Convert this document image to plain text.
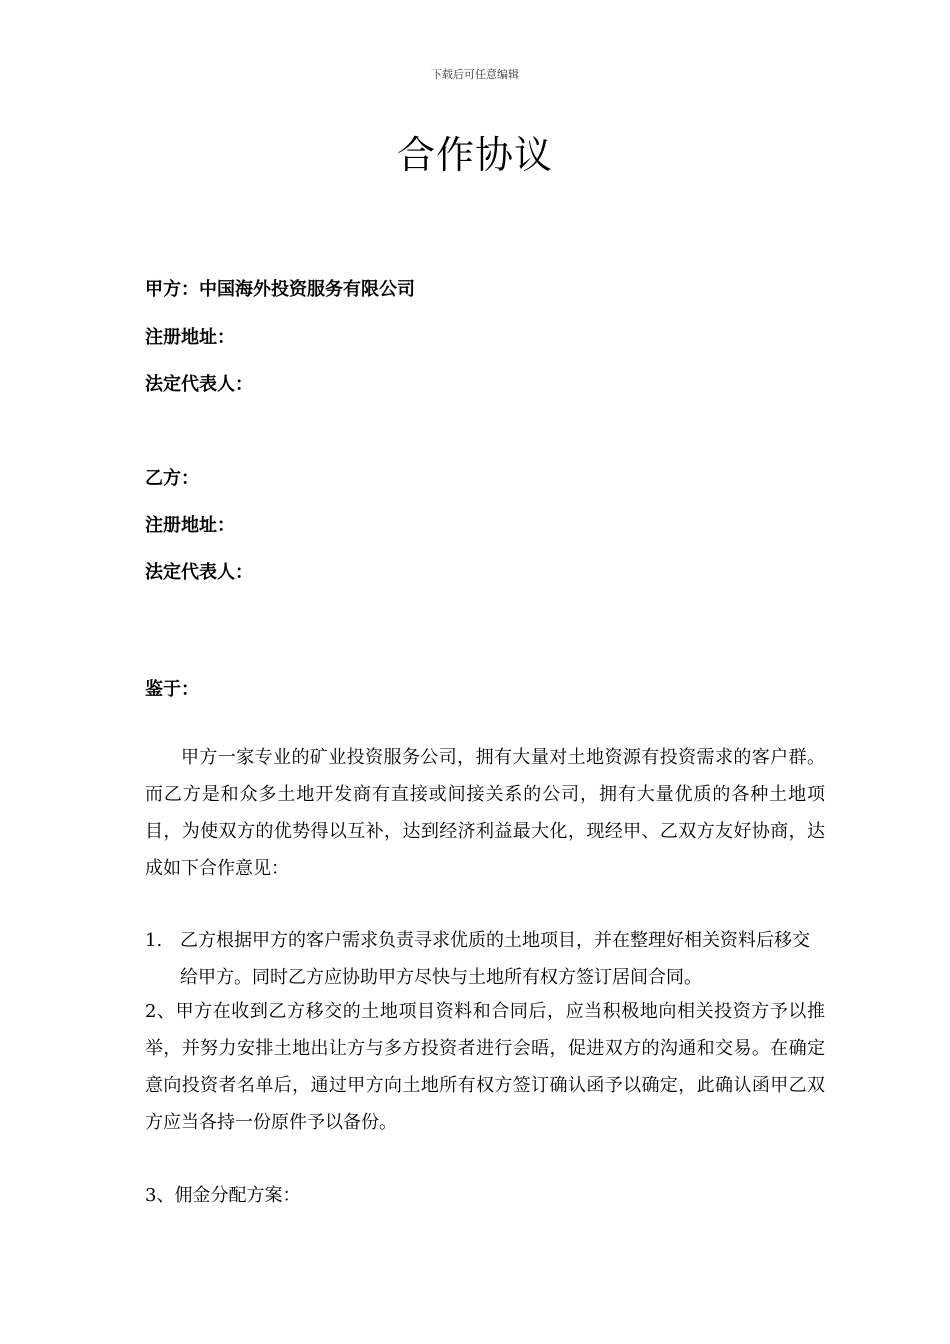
下载后可任意编辑
合作协议
甲方：中国海外投资服务有限公司
注册地址：
法定代表人：
乙方：
注册地址：
法定代表人：
鉴于：
甲方一家专业的矿业投资服务公司，拥有大量对土地资源有投资需求的客户群。而乙方是和众多土地开发商有直接或间接关系的公司，拥有大量优质的各种土地项目，为使双方的优势得以互补，达到经济利益最大化，现经甲、乙双方友好协商，达成如下合作意见：
1. 乙方根据甲方的客户需求负责寻求优质的土地项目，并在整理好相关资料后移交给甲方。同时乙方应协助甲方尽快与土地所有权方签订居间合同。
2、甲方在收到乙方移交的土地项目资料和合同后，应当积极地向相关投资方予以推举，并努力安排土地出让方与多方投资者进行会晤，促进双方的沟通和交易。在确定意向投资者名单后，通过甲方向土地所有权方签订确认函予以确定，此确认函甲乙双方应当各持一份原件予以备份。
3、佣金分配方案：
